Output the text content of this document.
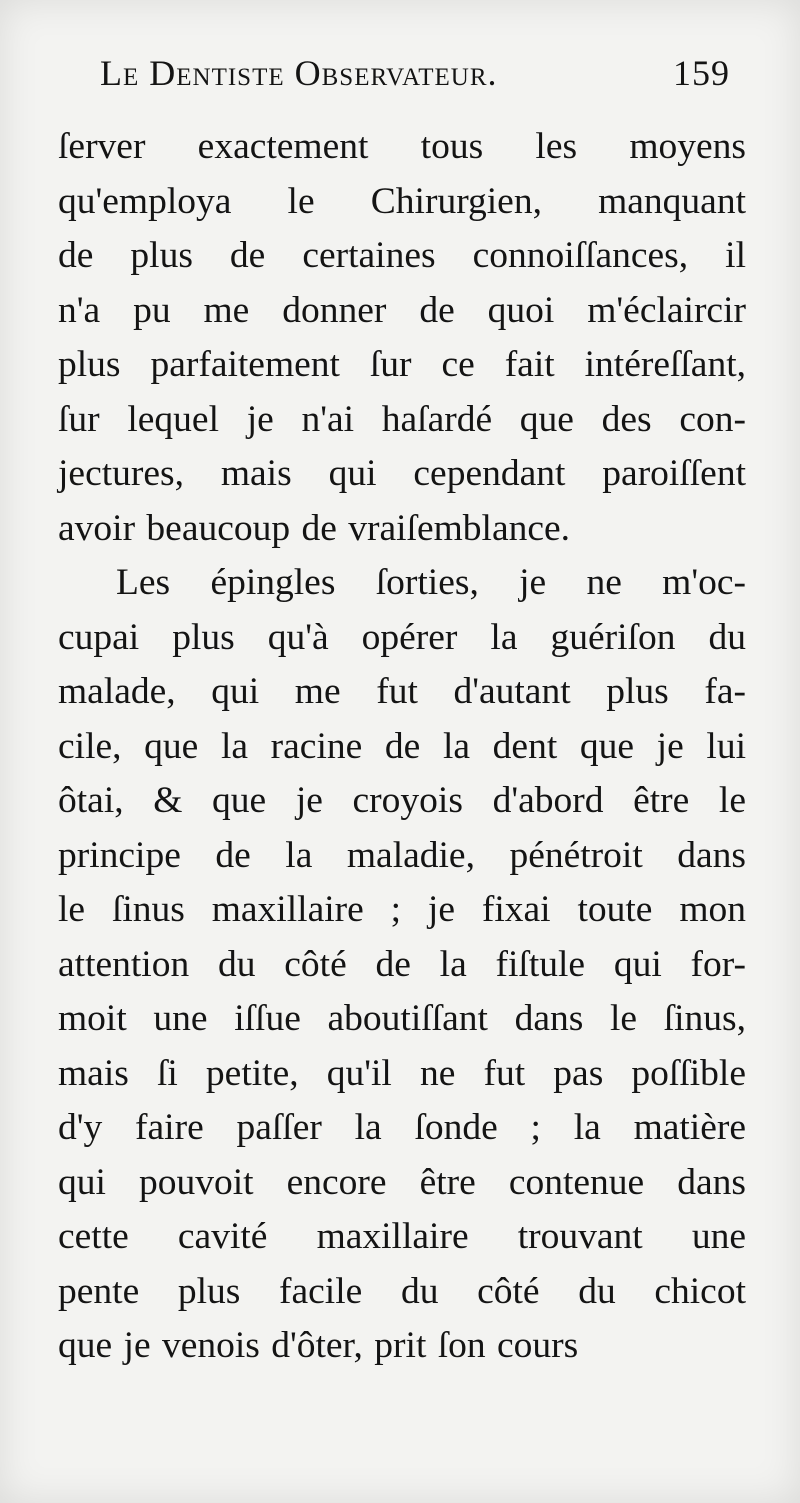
Le Dentiste Observateur.	159
ſerver exactement tous les moyens
qu'employa le Chirurgien, manquant
de plus de certaines connoiſſances, il
n'a pu me donner de quoi m'éclaircir
plus parfaitement ſur ce fait intéreſſant,
ſur lequel je n'ai haſardé que des con-
jectures, mais qui cependant paroiſſent
avoir beaucoup de vraiſemblance.
Les épingles ſorties, je ne m'oc-
cupai plus qu'à opérer la guériſon du
malade, qui me fut d'autant plus fa-
cile, que la racine de la dent que je lui
ôtai, & que je croyois d'abord être le
principe de la maladie, pénétroit dans
le ſinus maxillaire ; je fixai toute mon
attention du côté de la fiſtule qui for-
moit une iſſue aboutiſſant dans le ſinus,
mais ſi petite, qu'il ne fut pas poſſible
d'y faire paſſer la ſonde ; la matière
qui pouvoit encore être contenue dans
cette cavité maxillaire trouvant une
pente plus facile du côté du chicot
que je venois d'ôter, prit ſon cours
